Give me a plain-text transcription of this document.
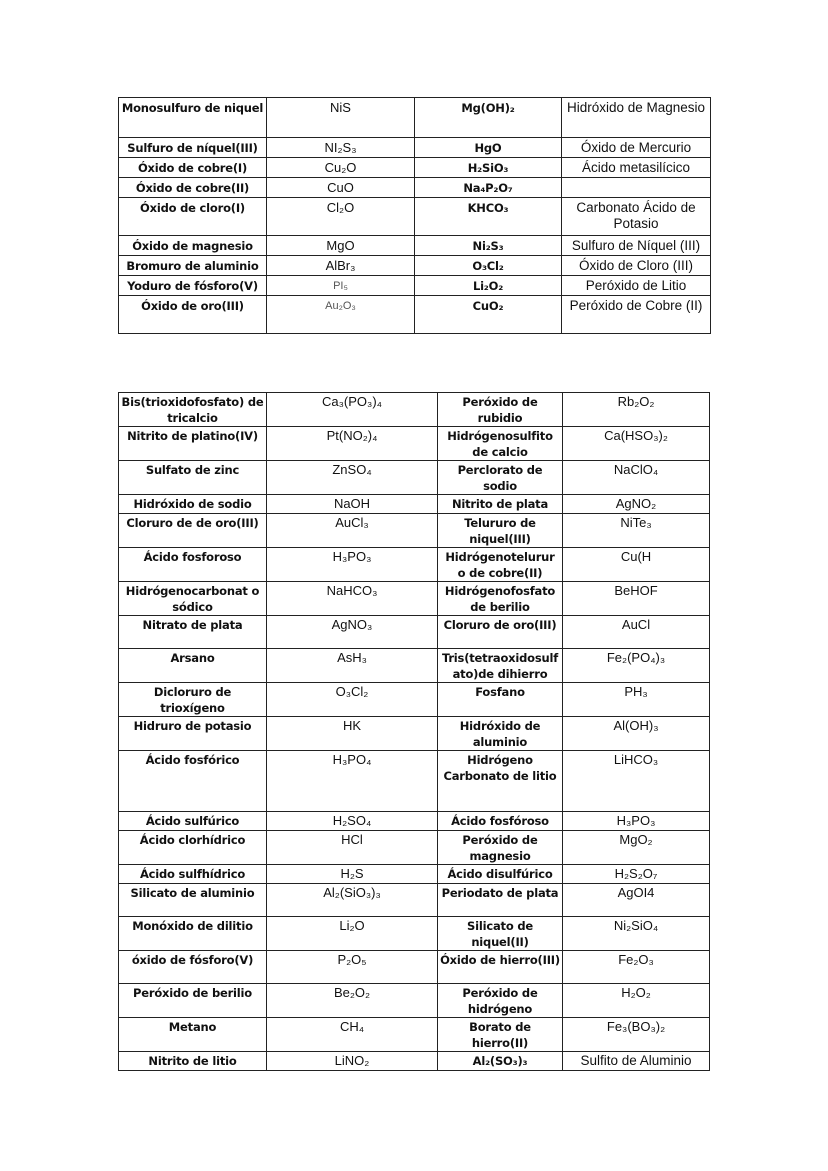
Monosulfuro de niquel	NiS	Mg(OH)₂	Hidróxido de Magnesio
Sulfuro de níquel(III)	NI₂S₃	HgO	Óxido de Mercurio
Óxido de cobre(I)	Cu₂O	H₂SiO₃	Ácido metasilícico
Óxido de cobre(II)	CuO	Na₄P₂O₇	
Óxido de cloro(I)	Cl₂O	KHCO₃	Carbonato Ácido de Potasio
Óxido de magnesio	MgO	Ni₂S₃	Sulfuro de Níquel (III)
Bromuro de aluminio	AlBr₃	O₃Cl₂	Óxido de Cloro (III)
Yoduro de fósforo(V)	PI₅	Li₂O₂	Peróxido de Litio
Óxido de oro(III)	Au₂O₃	CuO₂	Peróxido de Cobre (II)
Bis(trioxidofosfato) de tricalcio	Ca₃(PO₃)₄	Peróxido de rubidio	Rb₂O₂
Nitrito de platino(IV)	Pt(NO₂)₄	Hidrógenosulfito de calcio	Ca(HSO₃)₂
Sulfato de zinc	ZnSO₄	Perclorato de sodio	NaClO₄
Hidróxido de sodio	NaOH	Nitrito de plata	AgNO₂
Cloruro de de oro(III)	AuCl₃	Telururo de niquel(III)	NiTe₃
Ácido fosforoso	H₃PO₃	Hidrógenotelurur o de cobre(II)	Cu(H
Hidrógenocarbonat o sódico	NaHCO₃	Hidrógenofosfato de berilio	BeHOF
Nitrato de plata	AgNO₃	Cloruro de oro(III)	AuCl
Arsano	AsH₃	Tris(tetraoxidosulf ato)de dihierro	Fe₂(PO₄)₃
Dicloruro de trioxígeno	O₃Cl₂	Fosfano	PH₃
Hidruro de potasio	HK	Hidróxido de aluminio	Al(OH)₃
Ácido fosfórico	H₃PO₄	Hidrógeno Carbonato de litio	LiHCO₃
Ácido sulfúrico	H₂SO₄	Ácido fosfóroso	H₃PO₃
Ácido clorhídrico	HCl	Peróxido de magnesio	MgO₂
Ácido sulfhídrico	H₂S	Ácido disulfúrico	H₂S₂O₇
Silicato de aluminio	Al₂(SiO₃)₃	Periodato de plata	AgOI4
Monóxido de dilitio	Li₂O	Silicato de niquel(II)	Ni₂SiO₄
óxido de fósforo(V)	P₂O₅	Óxido de hierro(III)	Fe₂O₃
Peróxido de berilio	Be₂O₂	Peróxido de hidrógeno	H₂O₂
Metano	CH₄	Borato de hierro(II)	Fe₃(BO₃)₂
Nitrito de litio	LiNO₂	Al₂(SO₃)₃	Sulfito de Aluminio
